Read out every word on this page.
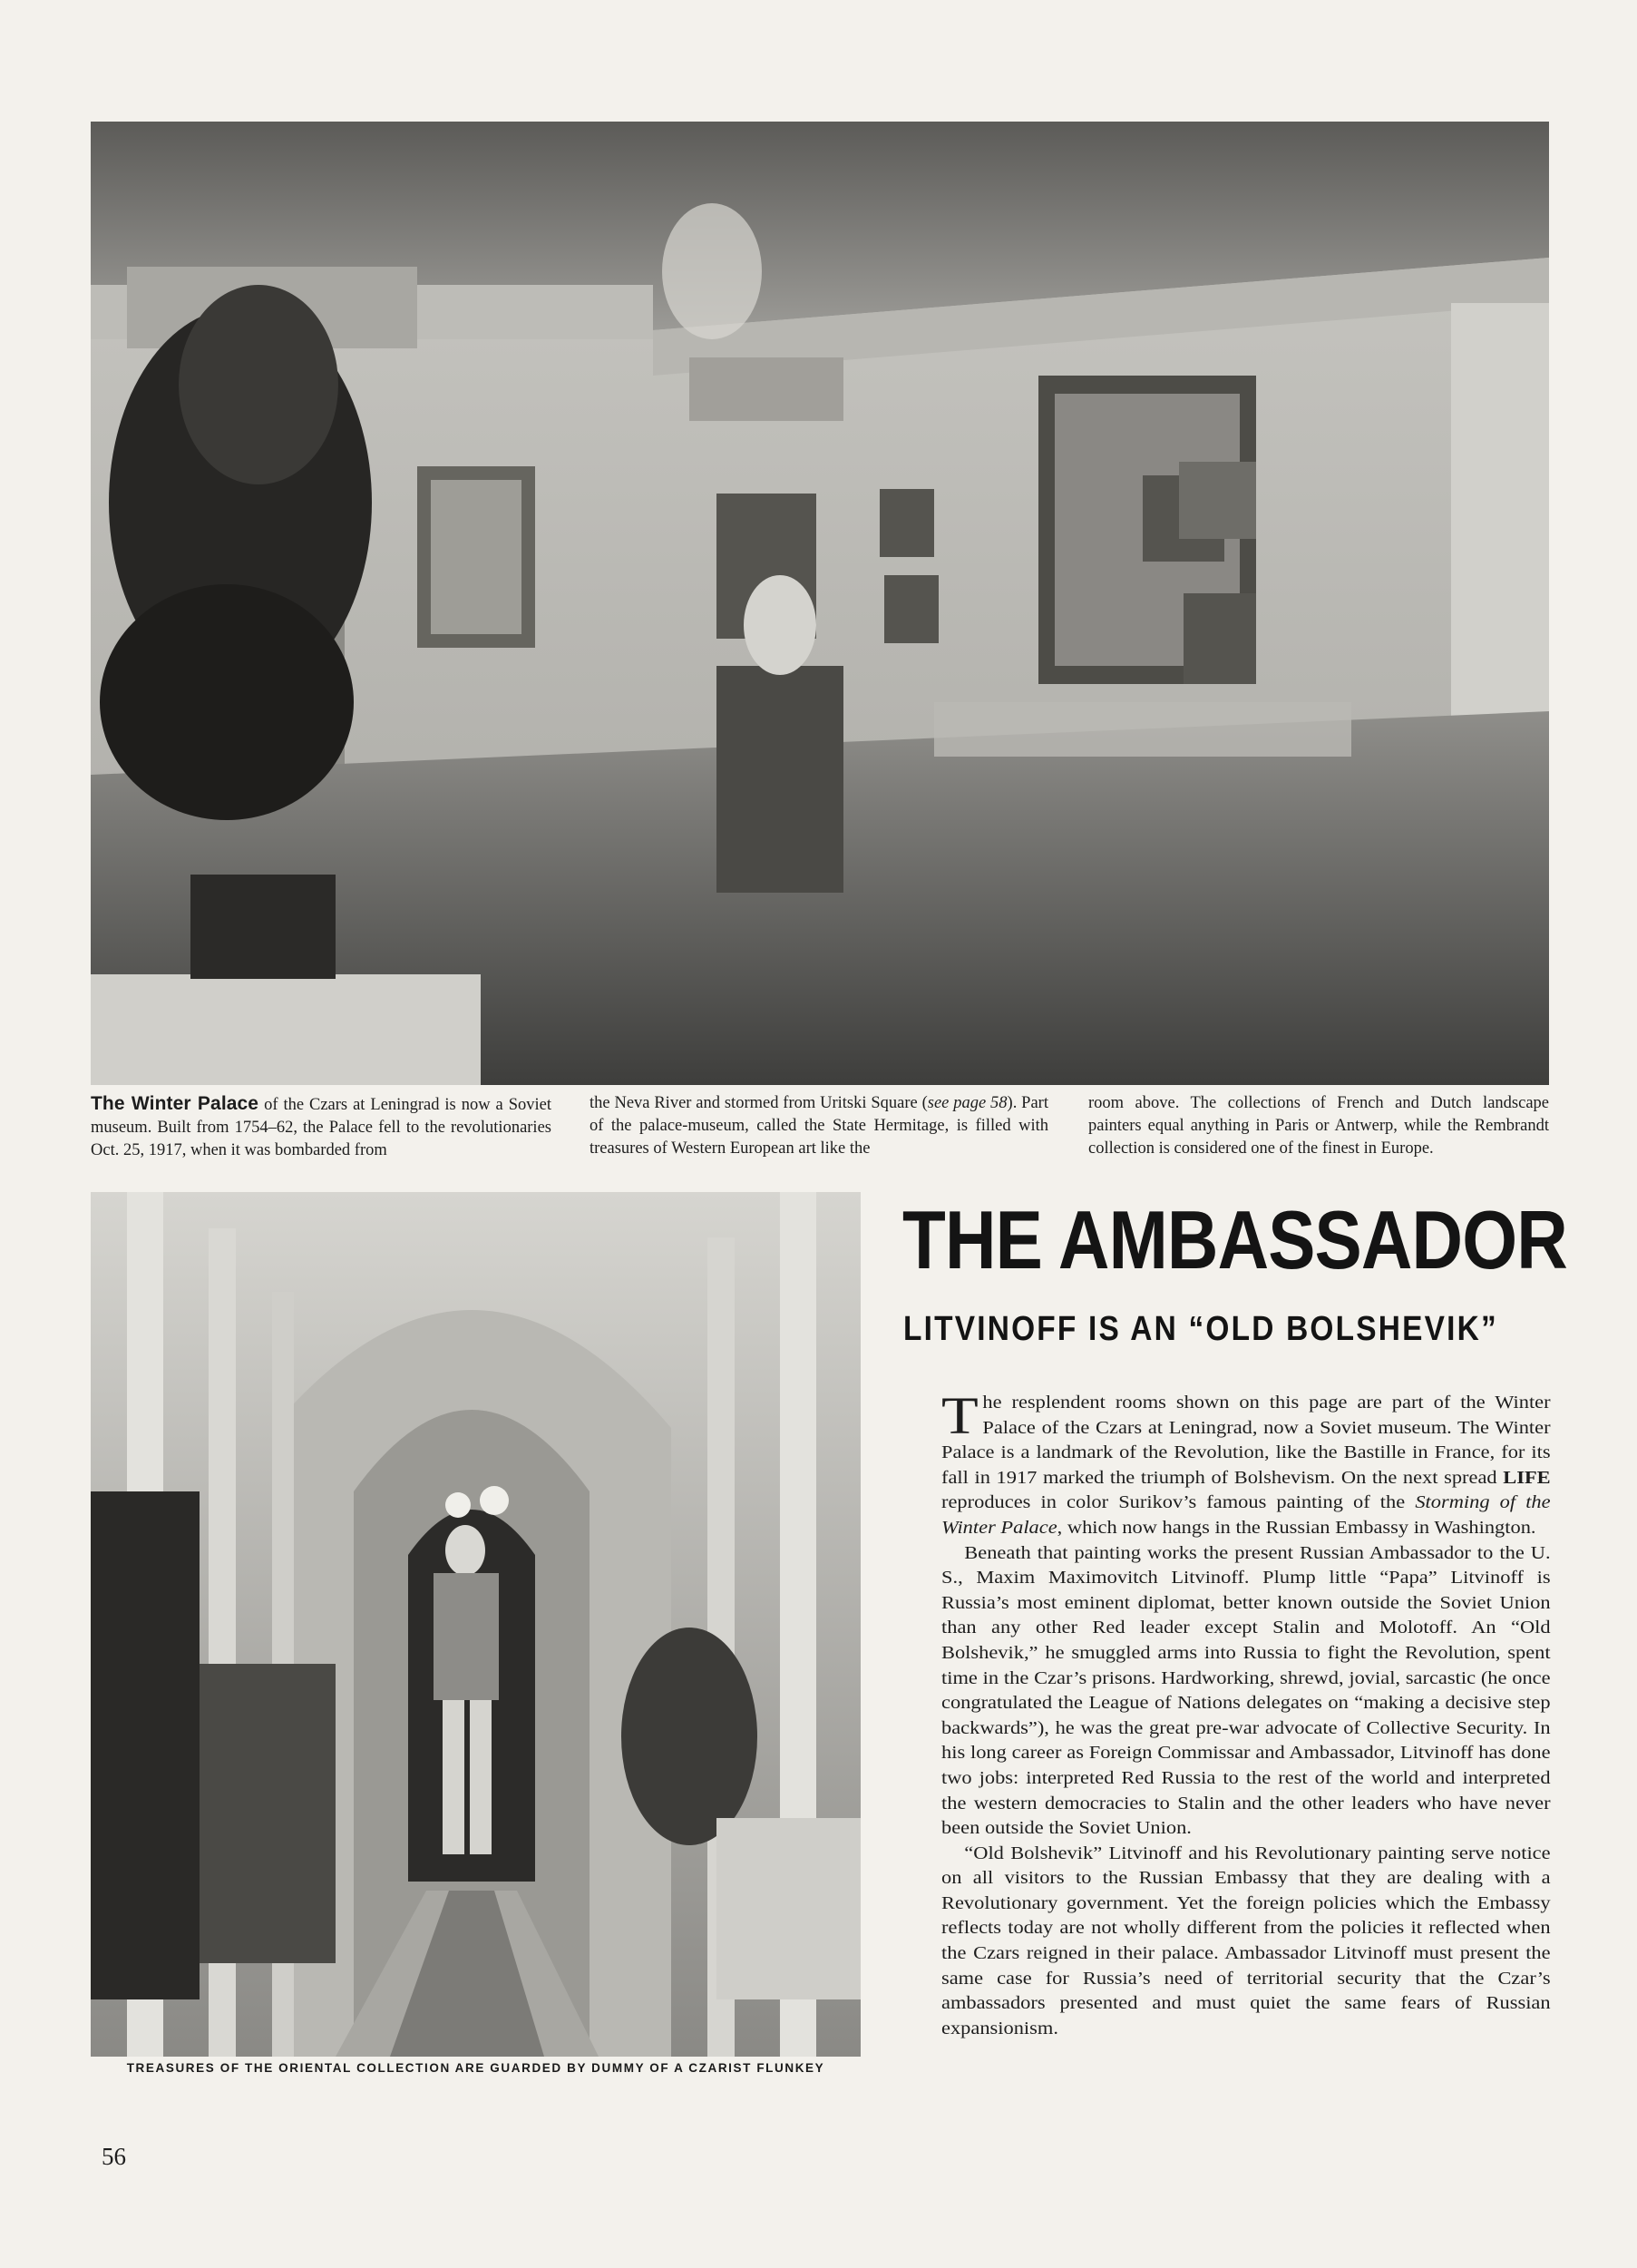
The Winter Palace of the Czars at Leningrad is now a Soviet museum. Built from 1754–62, the Palace fell to the revolutionaries Oct. 25, 1917, when it was bombarded from
the Neva River and stormed from Uritski Square (see page 58). Part of the palace-museum, called the State Hermitage, is filled with treasures of Western European art like the
room above. The collections of French and Dutch landscape painters equal anything in Paris or Antwerp, while the Rembrandt collection is considered one of the finest in Europe.
TREASURES OF THE ORIENTAL COLLECTION ARE GUARDED BY DUMMY OF A CZARIST FLUNKEY
THE AMBASSADOR
LITVINOFF IS AN “OLD BOLSHEVIK”

The resplendent rooms shown on this page are part of the Winter Palace of the Czars at Leningrad, now a Soviet museum. The Winter Palace is a landmark of the Revolution, like the Bastille in France, for its fall in 1917 marked the triumph of Bolshevism. On the next spread LIFE reproduces in color Surikov’s famous painting of the Storming of the Winter Palace, which now hangs in the Russian Embassy in Washington.

Beneath that painting works the present Russian Ambassador to the U. S., Maxim Maximovitch Litvinoff. Plump little “Papa” Litvinoff is Russia’s most eminent diplomat, better known outside the Soviet Union than any other Red leader except Stalin and Molotoff. An “Old Bolshevik,” he smuggled arms into Russia to fight the Revolution, spent time in the Czar’s prisons. Hardworking, shrewd, jovial, sarcastic (he once congratulated the League of Nations delegates on “making a decisive step backwards”), he was the great pre-war advocate of Collective Security. In his long career as Foreign Commissar and Ambassador, Litvinoff has done two jobs: interpreted Red Russia to the rest of the world and interpreted the western democracies to Stalin and the other leaders who have never been outside the Soviet Union.

“Old Bolshevik” Litvinoff and his Revolutionary painting serve notice on all visitors to the Russian Embassy that they are dealing with a Revolutionary government. Yet the foreign policies which the Embassy reflects today are not wholly different from the policies it reflected when the Czars reigned in their palace. Ambassador Litvinoff must present the same case for Russia’s need of territorial security that the Czar’s ambassadors presented and must quiet the same fears of Russian expansionism.

56
